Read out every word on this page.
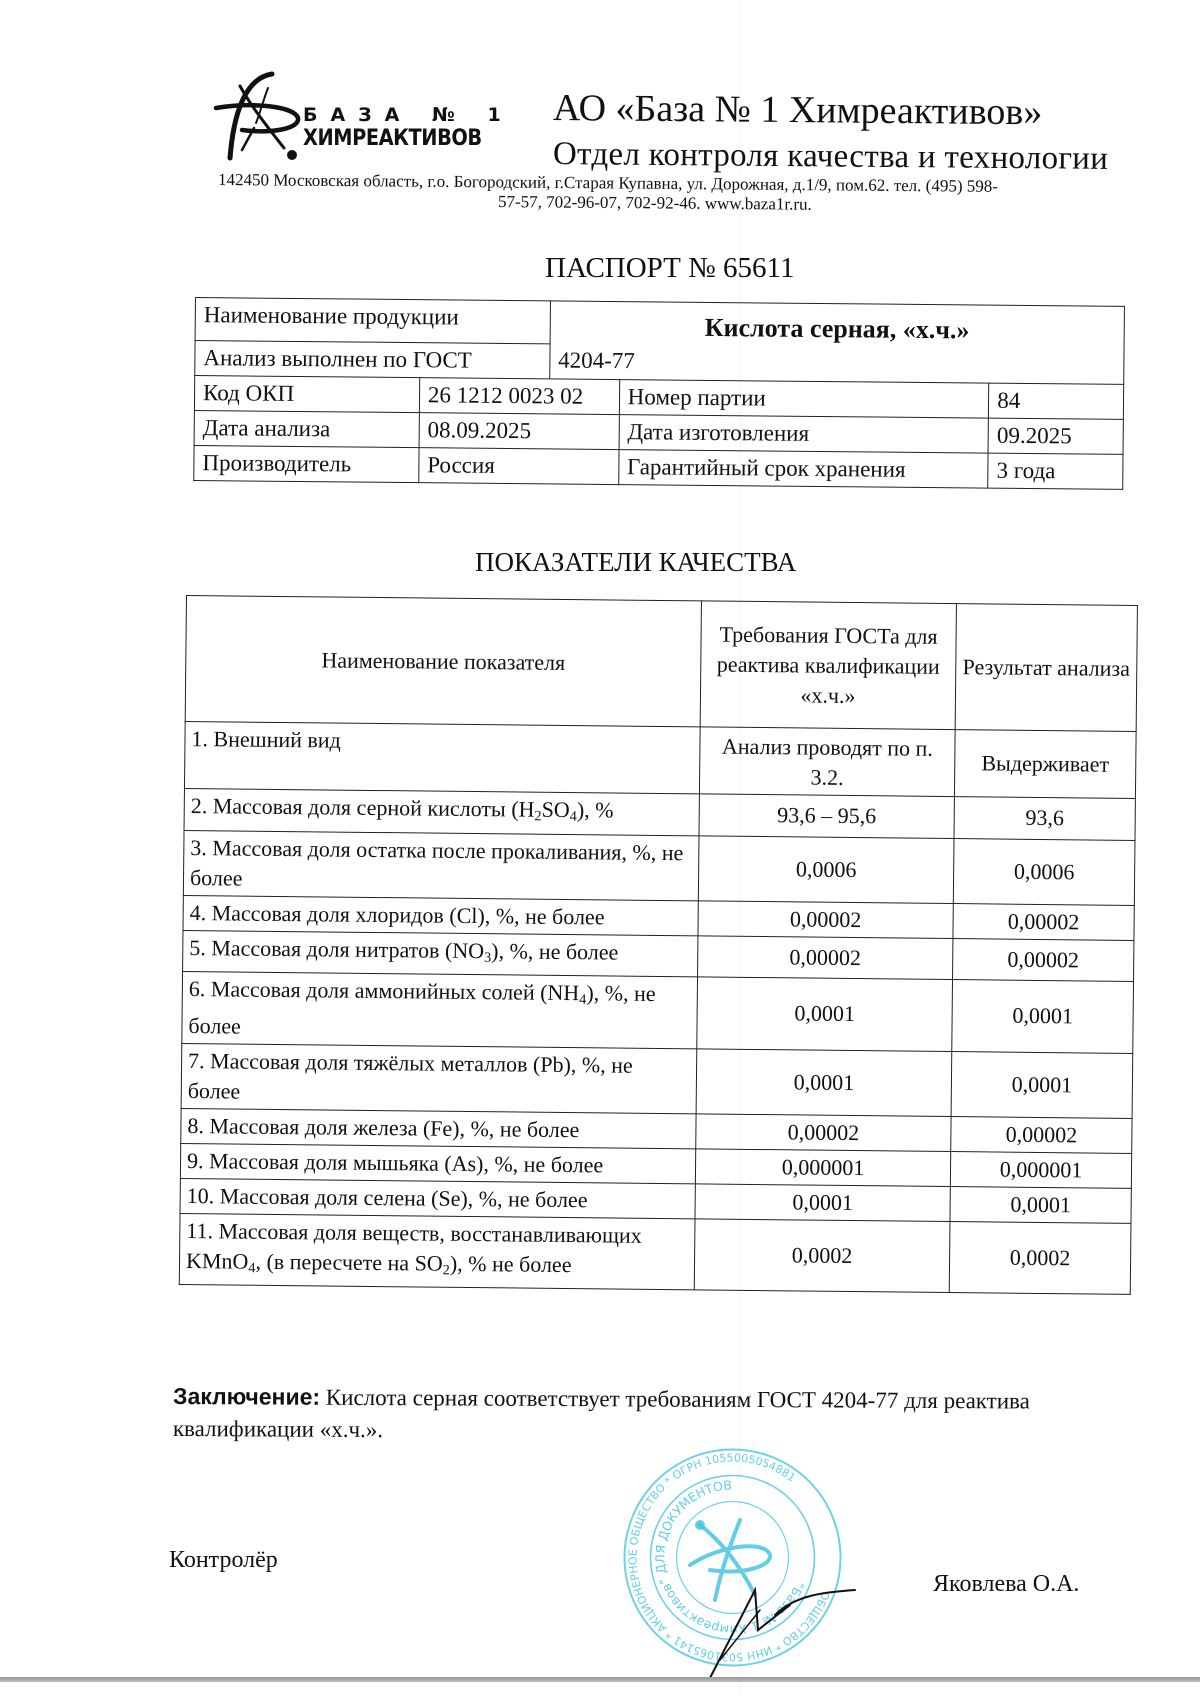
БАЗА № 1
ХИМРЕАКТИВОВ
АО «База № 1 Химреактивов»
Отдел контроля качества и технологии
142450 Московская область, г.о. Богородский, г.Старая Купавна, ул. Дорожная, д.1/9, пом.62. тел. (495) 598-
57-57, 702-96-07, 702-92-46. www.baza1r.ru.
ПАСПОРТ № 65611
Наименование продукции		Кислота серная, «х.ч.»		
Анализ выполнен по ГОСТ		4204-77		
Код ОКП	26 1212 0023 02		Номер партии	84
Дата анализа	08.09.2025		Дата изготовления	09.2025
Производитель	Россия		Гарантийный срок хранения	3 года
ПОКАЗАТЕЛИ КАЧЕСТВА
Наименование показателя	Требования ГОСТа для реактива квалификации «х.ч.»	Результат анализа
1. Внешний вид	Анализ проводят по п. 3.2.	Выдерживает
2. Массовая доля серной кислоты $(H_2SO_4)$, %	93,6 – 95,6	93,6
3. Массовая доля остатка после прокаливания, %, не более	0,0006	0,0006
4. Массовая доля хлоридов (Cl), %, не более	0,00002	0,00002
5. Массовая доля нитратов $(NO_3)$, %, не более	0,00002	0,00002
6. Массовая доля аммонийных солей $(NH_4)$, %, не более	0,0001	0,0001
7. Массовая доля тяжёлых металлов (Pb), %, не более	0,0001	0,0001
8. Массовая доля железа (Fe), %, не более	0,00002	0,00002
9. Массовая доля мышьяка (As), %, не более	0,000001	0,000001
10. Массовая доля селена (Se), %, не более	0,0001	0,0001
11. Массовая доля веществ, восстанавливающих KMnO$_4$, (в пересчете на $SO_2$), % не более	0,0002	0,0002
Заключение: Кислота серная соответствует требованиям ГОСТ 4204-77 для реактива квалификации «х.ч.».
ОБЩЕСТВО * ИНН 5031065141 * АКЦИОНЕРНОЕ ОБЩЕСТВО * ОГРН 1055005054881
"База № 1 Химреактивов" ДЛЯ ДОКУМЕНТОВ
Контролёр
Яковлева О.А.
